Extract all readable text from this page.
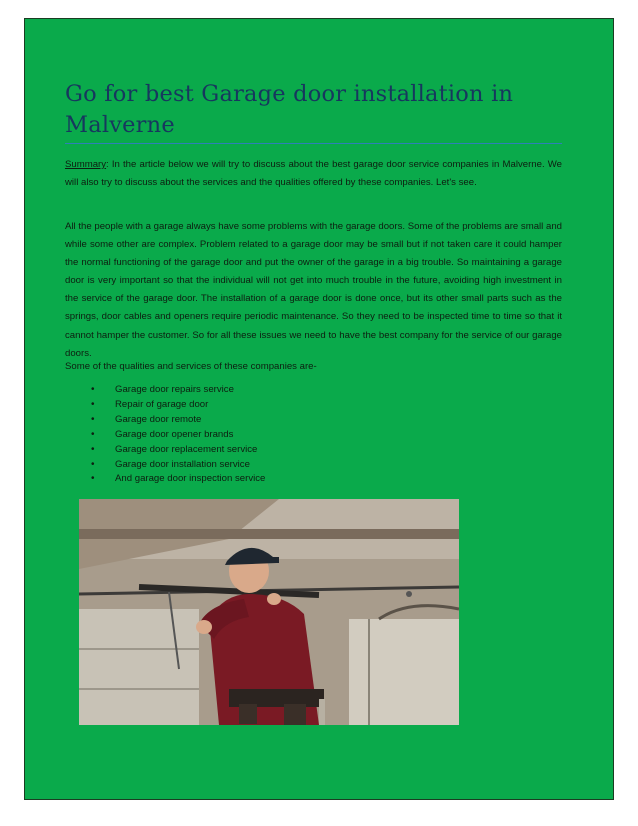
Go for best Garage door installation in Malverne

Summary: In the article below we will try to discuss about the best garage door service companies in Malverne. We will also try to discuss about the services and the qualities offered by these companies. Let's see.

All the people with a garage always have some problems with the garage doors. Some of the problems are small and while some other are complex. Problem related to a garage door may be small but if not taken care it could hamper the normal functioning of the garage door and put the owner of the garage in a big trouble. So maintaining a garage door is very important so that the individual will not get into much trouble in the future, avoiding high investment in the service of the garage door. The installation of a garage door is done once, but its other small parts such as the springs, door cables and openers require periodic maintenance. So they need to be inspected time to time so that it cannot hamper the customer. So for all these issues we need to have the best company for the service of our garage doors.

Some of the qualities and services of these companies are-

• Garage door repairs service
• Repair of garage door
• Garage door remote
• Garage door opener brands
• Garage door replacement service
• Garage door installation service
• And garage door inspection service
